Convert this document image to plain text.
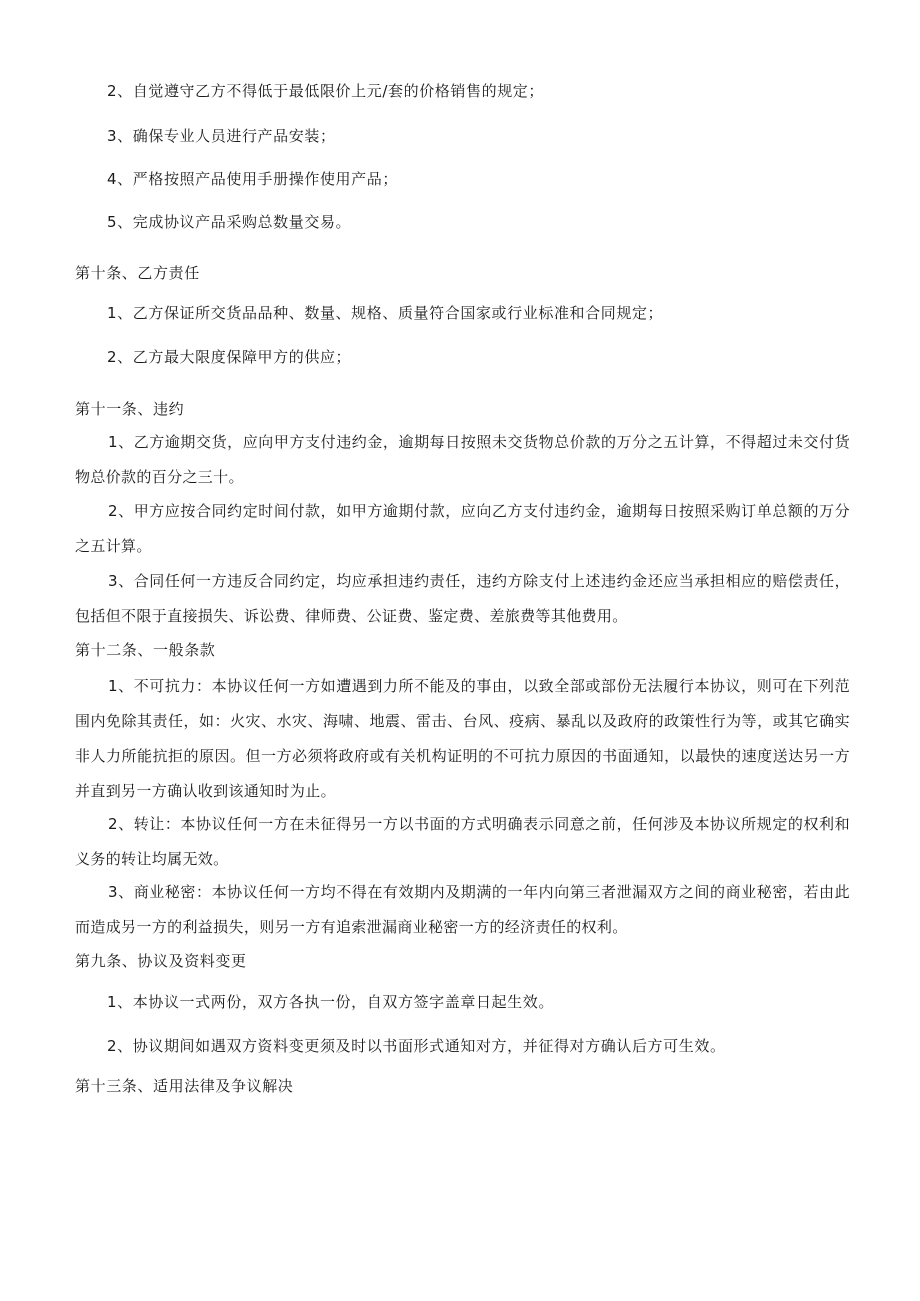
2、自觉遵守乙方不得低于最低限价上元/套的价格销售的规定；
3、确保专业人员进行产品安装；
4、严格按照产品使用手册操作使用产品；
5、完成协议产品采购总数量交易。
第十条、乙方责任
1、乙方保证所交货品品种、数量、规格、质量符合国家或行业标准和合同规定；
2、乙方最大限度保障甲方的供应；
第十一条、违约
1、乙方逾期交货，应向甲方支付违约金，逾期每日按照未交货物总价款的万分之五计算，不得超过未交付货物总价款的百分之三十。
2、甲方应按合同约定时间付款，如甲方逾期付款，应向乙方支付违约金，逾期每日按照采购订单总额的万分之五计算。
3、合同任何一方违反合同约定，均应承担违约责任，违约方除支付上述违约金还应当承担相应的赔偿责任，包括但不限于直接损失、诉讼费、律师费、公证费、鉴定费、差旅费等其他费用。
第十二条、一般条款
1、不可抗力：本协议任何一方如遭遇到力所不能及的事由，以致全部或部份无法履行本协议，则可在下列范围内免除其责任，如：火灾、水灾、海啸、地震、雷击、台风、疫病、暴乱以及政府的政策性行为等，或其它确实非人力所能抗拒的原因。但一方必须将政府或有关机构证明的不可抗力原因的书面通知，以最快的速度送达另一方并直到另一方确认收到该通知时为止。
2、转让：本协议任何一方在未征得另一方以书面的方式明确表示同意之前，任何涉及本协议所规定的权利和义务的转让均属无效。
3、商业秘密：本协议任何一方均不得在有效期内及期满的一年内向第三者泄漏双方之间的商业秘密，若由此而造成另一方的利益损失，则另一方有追索泄漏商业秘密一方的经济责任的权利。
第九条、协议及资料变更
1、本协议一式两份，双方各执一份，自双方签字盖章日起生效。
2、协议期间如遇双方资料变更须及时以书面形式通知对方，并征得对方确认后方可生效。
第十三条、适用法律及争议解决
